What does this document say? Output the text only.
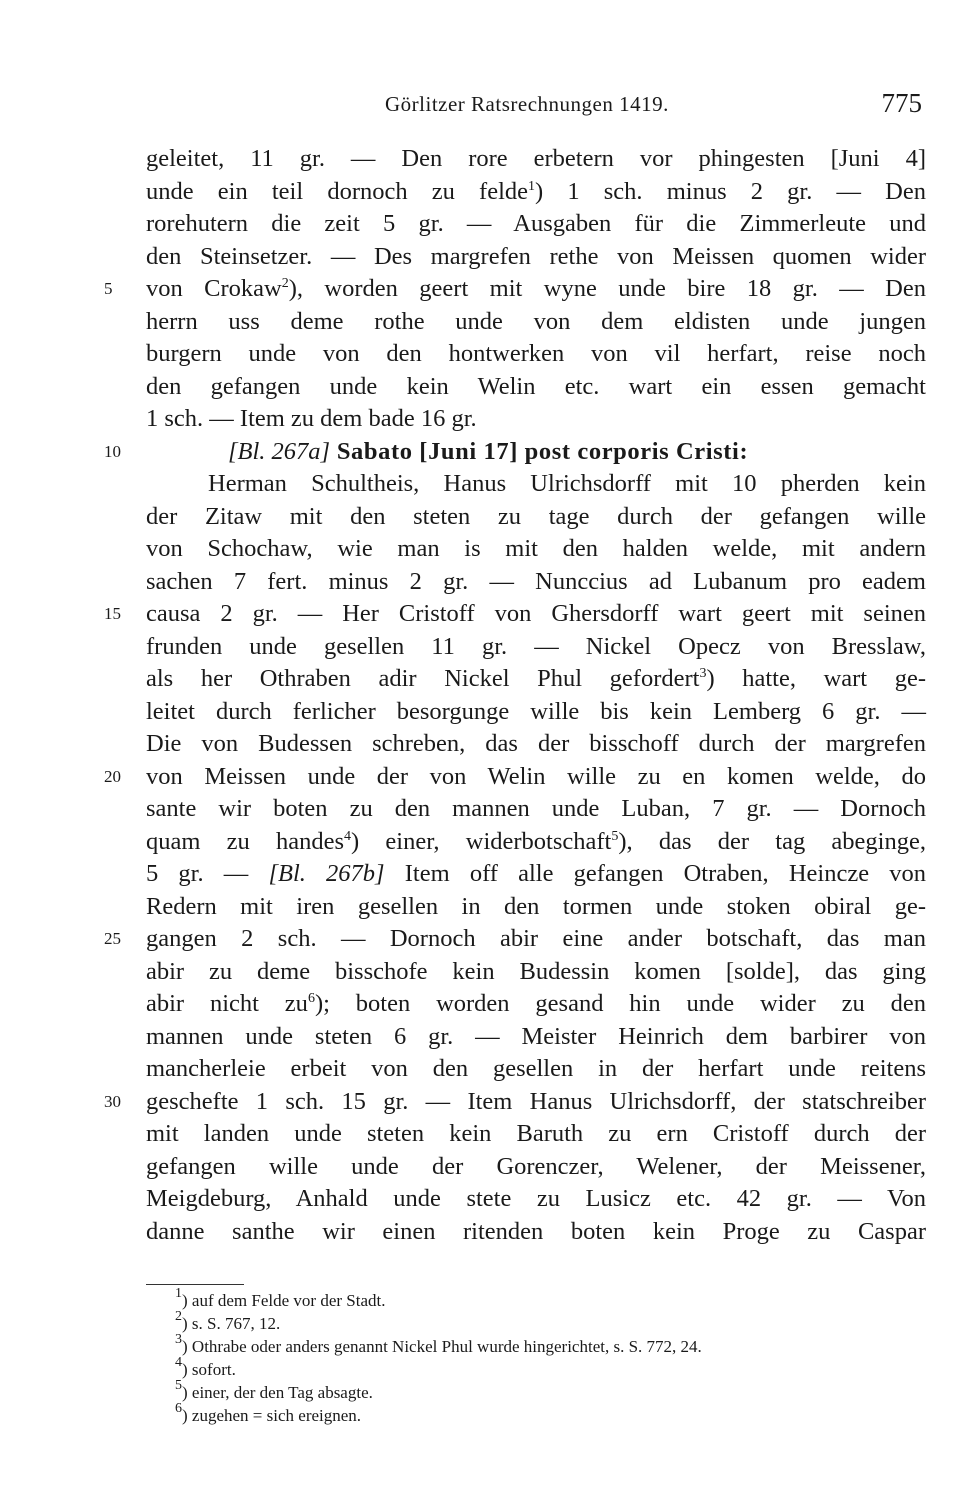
Görlitzer Ratsrechnungen 1419.	775
geleitet, 11 gr. — Den rore erbetern vor phingesten [Juni 4]
unde ein teil dornoch zu felde$^1$) 1 sch. minus 2 gr. — Den
rorehutern die zeit 5 gr. — Ausgaben für die Zimmerleute und
den Steinsetzer. — Des margrefen rethe von Meissen quomen wider
von Crokaw$^2$), worden geert mit wyne unde bire 18 gr. — Den
herrn uss deme rothe unde von dem eldisten unde jungen
burgern unde von den hontwerken von vil herfart, reise noch
den gefangen unde kein Welin etc. wart ein essen gemacht
1 sch. — Item zu dem bade 16 gr.
[Bl. 267a] Sabato [Juni 17] post corporis Cristi:
Herman Schultheis, Hanus Ulrichsdorff mit 10 pherden kein
der Zitaw mit den steten zu tage durch der gefangen wille
von Schochaw, wie man is mit den halden welde, mit andern
sachen 7 fert. minus 2 gr. — Nunccius ad Lubanum pro eadem
causa 2 gr. — Her Cristoff von Ghersdorff wart geert mit seinen
frunden unde gesellen 11 gr. — Nickel Opecz von Bresslaw,
als her Othraben adir Nickel Phul gefordert$^3$) hatte, wart ge-
leitet durch ferlicher besorgunge wille bis kein Lemberg 6 gr. —
Die von Budessen schreben, das der bisschoff durch der margrefen
von Meissen unde der von Welin wille zu en komen welde, do
sante wir boten zu den mannen unde Luban, 7 gr. — Dornoch
quam zu handes$^4$) einer, widerbotschaft$^5$), das der tag abeginge,
5 gr. — [Bl. 267b] Item off alle gefangen Otraben, Heincze von
Redern mit iren gesellen in den tormen unde stoken obiral ge-
gangen 2 sch. — Dornoch abir eine ander botschaft, das man
abir zu deme bisschofe kein Budessin komen [solde], das ging
abir nicht $zu^6$); boten worden gesand hin unde wider zu den
mannen unde steten 6 gr. — Meister Heinrich dem barbirer von
mancherleie erbeit von den gesellen in der herfart unde reitens
geschefte 1 sch. 15 gr. — Item Hanus Ulrichsdorff, der statschreiber
mit landen unde steten kein Baruth zu ern Cristoff durch der
gefangen wille unde der Gorenczer, Welener, der Meissener,
Meigdeburg, Anhald unde stete zu Lusicz etc. 42 gr. — Von
danne santhe wir einen ritenden boten kein Proge zu Caspar
5
10
15
20
25
30
$^1$) auf dem Felde vor der Stadt.
$^2$) s. S. 767, 12.
$^3$) Othrabe oder anders genannt Nickel Phul wurde hingerichtet, s. S. 772, 24.
$^4$) sofort.
$^5$) einer, der den Tag absagte.
$^6$) zugehen = sich ereignen.
